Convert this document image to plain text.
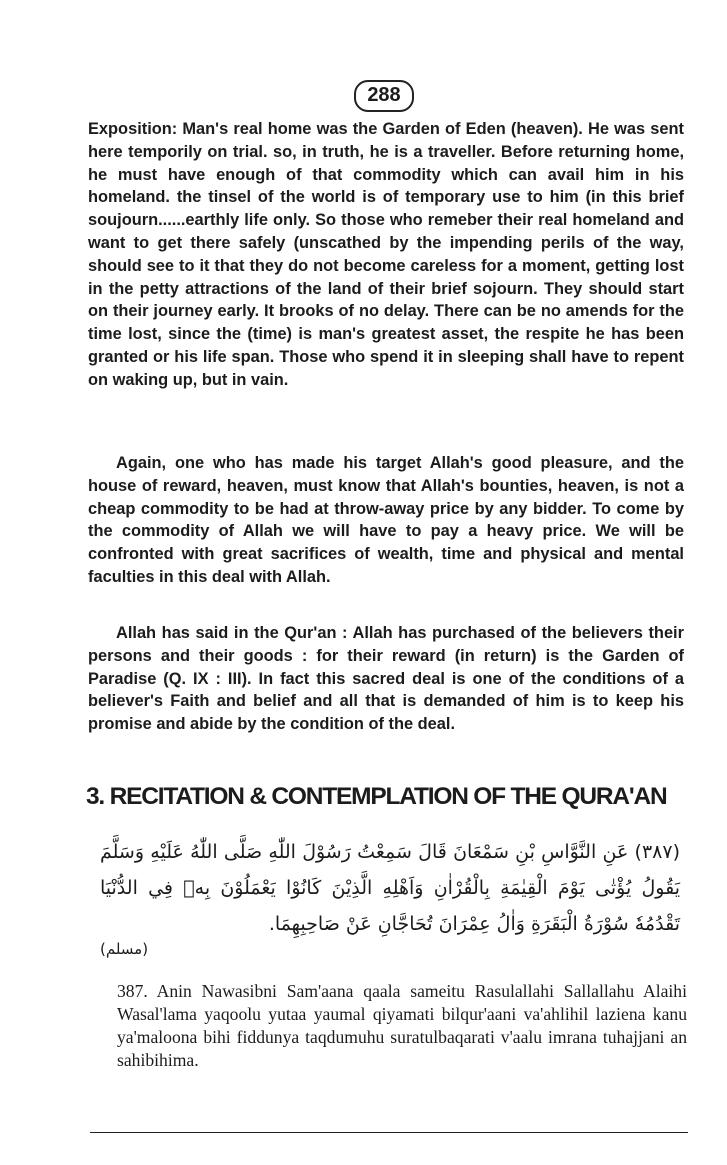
288

Exposition: Man's real home was the Garden of Eden (heaven). He was sent here temporily on trial. so, in truth, he is a traveller. Before returning home, he must have enough of that commodity which can avail him in his homeland. the tinsel of the world is of temporary use to him (in this brief soujourn......earthly life only. So those who remeber their real homeland and want to get there safely (unscathed by the impending perils of the way, should see to it that they do not become careless for a moment, getting lost in the petty attractions of the land of their brief sojourn. They should start on their journey early. It brooks of no delay. There can be no amends for the time lost, since the (time) is man's greatest asset, the respite he has been granted or his life span. Those who spend it in sleeping shall have to repent on waking up, but in vain.

Again, one who has made his target Allah's good pleasure, and the house of reward, heaven, must know that Allah's bounties, heaven, is not a cheap commodity to be had at throw-away price by any bidder. To come by the commodity of Allah we will have to pay a heavy price. We will be confronted with great sacrifices of wealth, time and physical and mental faculties in this deal with Allah.

Allah has said in the Qur'an : Allah has purchased of the believers their persons and their goods : for their reward (in return) is the Garden of Paradise (Q. IX : III). In fact this sacred deal is one of the conditions of a believer's Faith and belief and all that is demanded of him is to keep his promise and abide by the condition of the deal.

3. RECITATION & CONTEMPLATION OF THE QURA'AN

(٣٨٧) عَنِ النَّوَّاسِ بْنِ سَمْعَانَ قَالَ سَمِعْتُ رَسُوْلَ اللّٰهِ صَلَّى اللّٰهُ عَلَيْهِ وَسَلَّمَ يَقُولُ يُؤْتٰى يَوْمَ الْقِيٰمَةِ بِالْقُرْاٰنِ وَاَهْلِهِ الَّذِيْنَ كَانُوْا يَعْمَلُوْنَ بِهٖ فِي الدُّنْيَا تَقْدُمُهٗ سُوْرَةُ الْبَقَرَةِ وَاٰلُ عِمْرَانَ تُحَاجَّانِ عَنْ صَاحِبِهِمَا.

(مسلم)

387. Anin Nawasibni Sam'aana qaala sameitu Rasulallahi Sallallahu Alaihi Wasal'lama yaqoolu yutaa yaumal qiyamati bilqur'aani va'ahlihil laziena kanu ya'maloona bihi fiddunya taqdumuhu suratulbaqarati v'aalu imrana tuhajjani an sahibihima.
